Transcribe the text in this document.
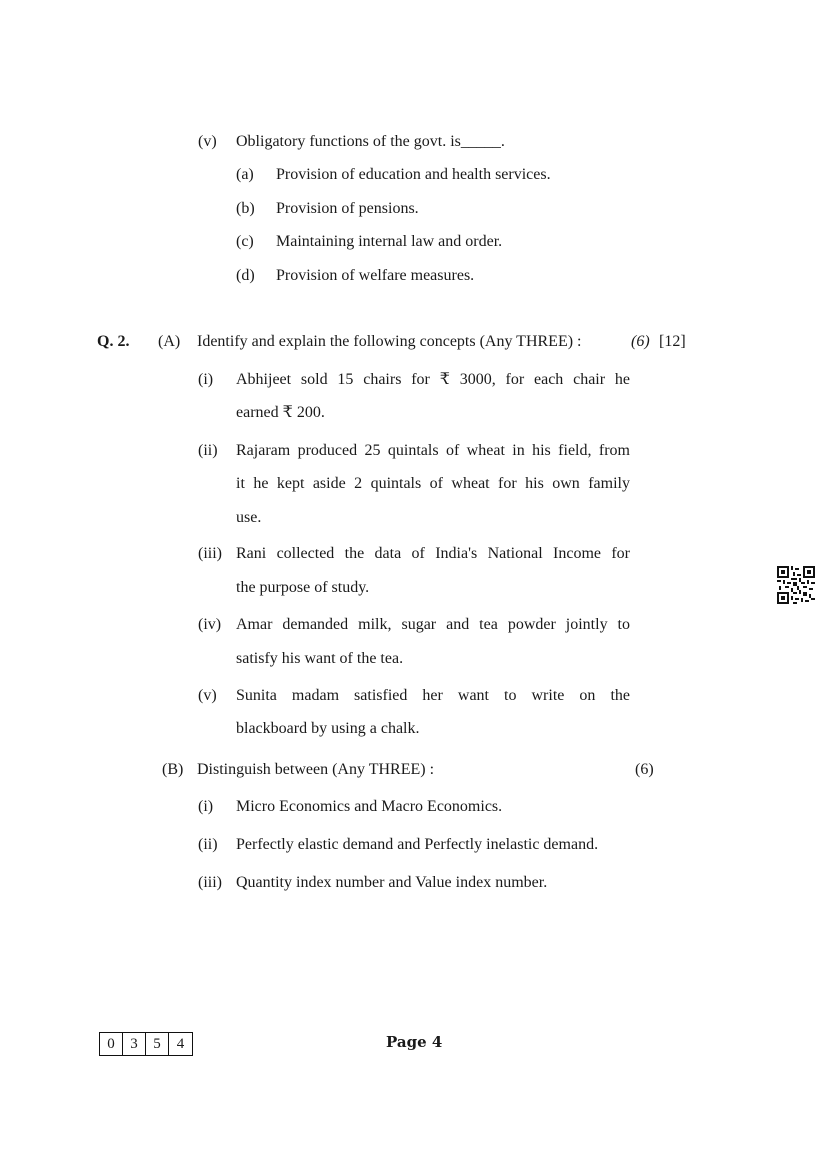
(v) Obligatory functions of the govt. is_____.
(a) Provision of education and health services.
(b) Provision of pensions.
(c) Maintaining internal law and order.
(d) Provision of welfare measures.
Q. 2. (A) Identify and explain the following concepts (Any THREE) :	(6) [12]
(i) Abhijeet sold 15 chairs for ₹ 3000, for each chair he
earned ₹ 200.
(ii) Rajaram produced 25 quintals of wheat in his field, from
it he kept aside 2 quintals of wheat for his own family
use.
(iii) Rani collected the data of India's National Income for
the purpose of study.
(iv) Amar demanded milk, sugar and tea powder jointly to
satisfy his want of the tea.
(v) Sunita madam satisfied her want to write on the
blackboard by using a chalk.
(B) Distinguish between (Any THREE) :	(6)
(i) Micro Economics and Macro Economics.
(ii) Perfectly elastic demand and Perfectly inelastic demand.
(iii) Quantity index number and Value index number.
0	3	5	4	Page 4
